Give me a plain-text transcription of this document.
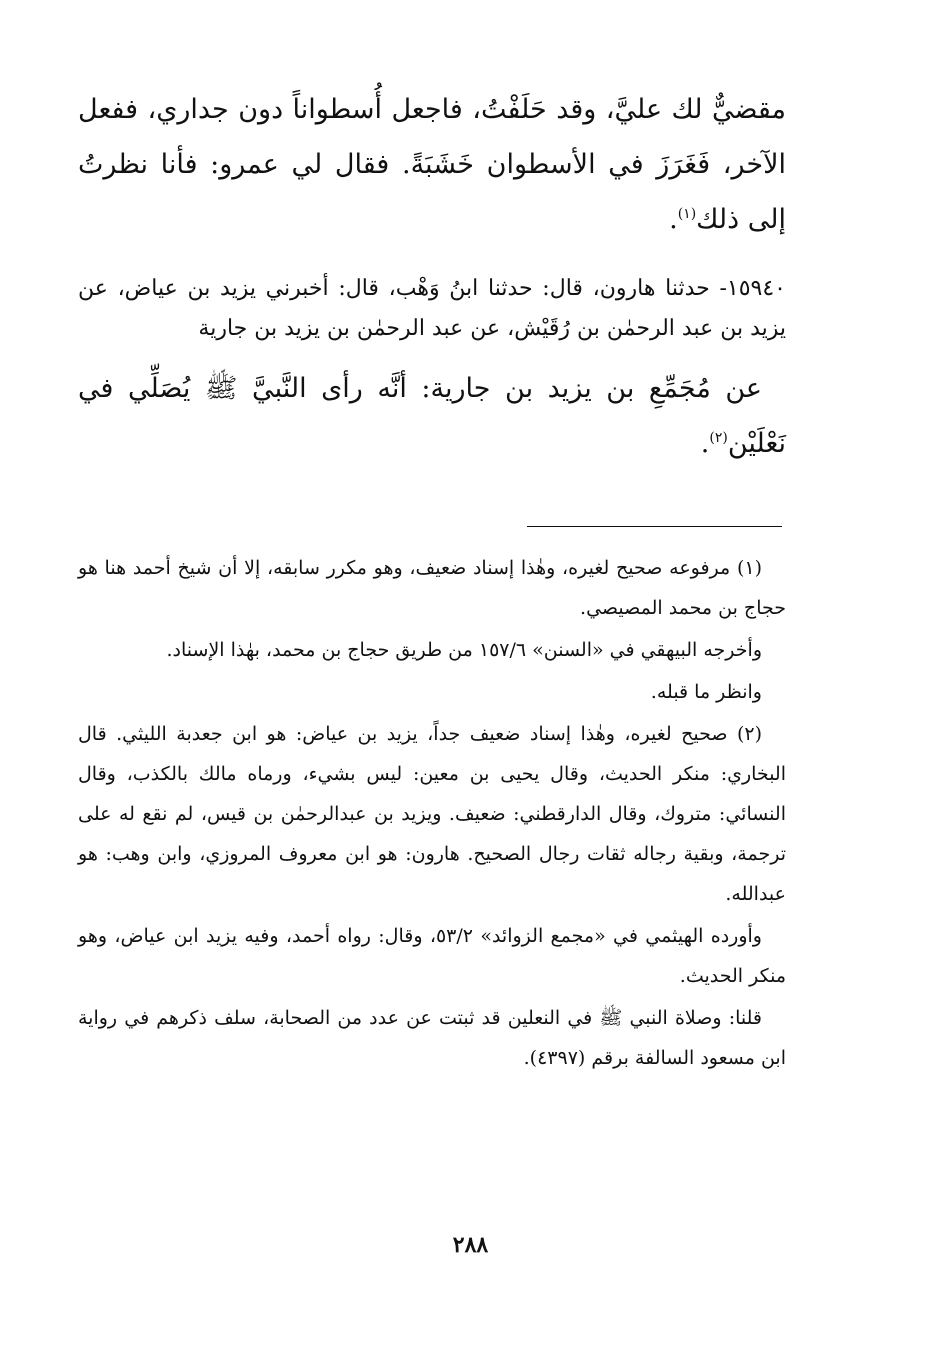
مقضيٌّ لك عليَّ، وقد حَلَفْتُ، فاجعل أُسطواناً دون جداري، ففعل الآخر، فَغَرَزَ في الأسطوان خَشَبَةً. فقال لي عمرو: فأنا نظرتُ إلى ذلك$^{(١)}$.

١٥٩٤٠- حدثنا هارون، قال: حدثنا ابنُ وَهْب، قال: أخبرني يزيد بن عياض، عن يزيد بن عبد الرحمٰن بن رُقَيْش، عن عبد الرحمٰن بن يزيد بن جارية

عن مُجَمِّعِ بن يزيد بن جارية: أنَّه رأى النَّبيَّ ﷺ يُصَلِّي في نَعْلَيْن$^{(٢)}$.

(١) مرفوعه صحيح لغيره، وهٰذا إسناد ضعيف، وهو مكرر سابقه، إلا أن شيخ أحمد هنا هو حجاج بن محمد المصيصي.

وأخرجه البيهقي في «السنن» ١٥٧/٦ من طريق حجاج بن محمد، بهٰذا الإسناد.

وانظر ما قبله.

(٢) صحيح لغيره، وهٰذا إسناد ضعيف جداً، يزيد بن عياض: هو ابن جعدبة الليثي. قال البخاري: منكر الحديث، وقال يحيى بن معين: ليس بشيء، ورماه مالك بالكذب، وقال النسائي: متروك، وقال الدارقطني: ضعيف. ويزيد بن عبدالرحمٰن بن قيس، لم نقع له على ترجمة، وبقية رجاله ثقات رجال الصحيح. هارون: هو ابن معروف المروزي، وابن وهب: هو عبدالله.

وأورده الهيثمي في «مجمع الزوائد» ٥٣/٢، وقال: رواه أحمد، وفيه يزيد ابن عياض، وهو منكر الحديث.

قلنا: وصلاة النبي ﷺ في النعلين قد ثبتت عن عدد من الصحابة، سلف ذكرهم في رواية ابن مسعود السالفة برقم (٤٣٩٧).

٢٨٨
